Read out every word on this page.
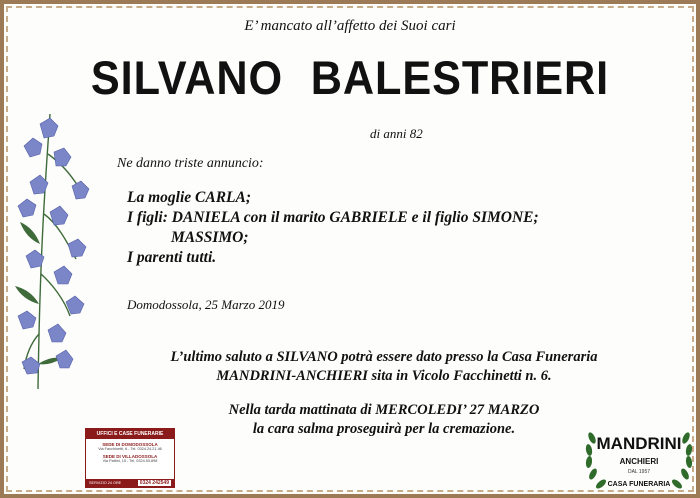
E’ mancato all’affetto dei Suoi cari
SILVANO BALESTRIERI
di anni 82
Ne danno triste annuncio:
La moglie CARLA;
I figli: DANIELA con il marito GABRIELE e il figlio SIMONE;
MASSIMO;
I parenti tutti.
Domodossola, 25 Marzo 2019
L’ultimo saluto a SILVANO potrà essere dato presso la Casa Funeraria
MANDRINI-ANCHIERI sita in Vicolo Facchinetti n. 6.
Nella tarda mattinata di MERCOLEDI’ 27 MARZO
la cara salma proseguirà per la cremazione.
UFFICI E CASE FUNERARIE
SEDE DI DOMODOSSOLA
Via Facchinetti, 6 - Tel. 0324.24.21.46
SEDE DI VILLADOSSOLA
Via Pattini, 15 - Tel. 0324.53.898
SERVIZIO 24 ORE	0324 242549
MANDRINI
ANCHIERI
DAL 1957
CASA FUNERARIA
